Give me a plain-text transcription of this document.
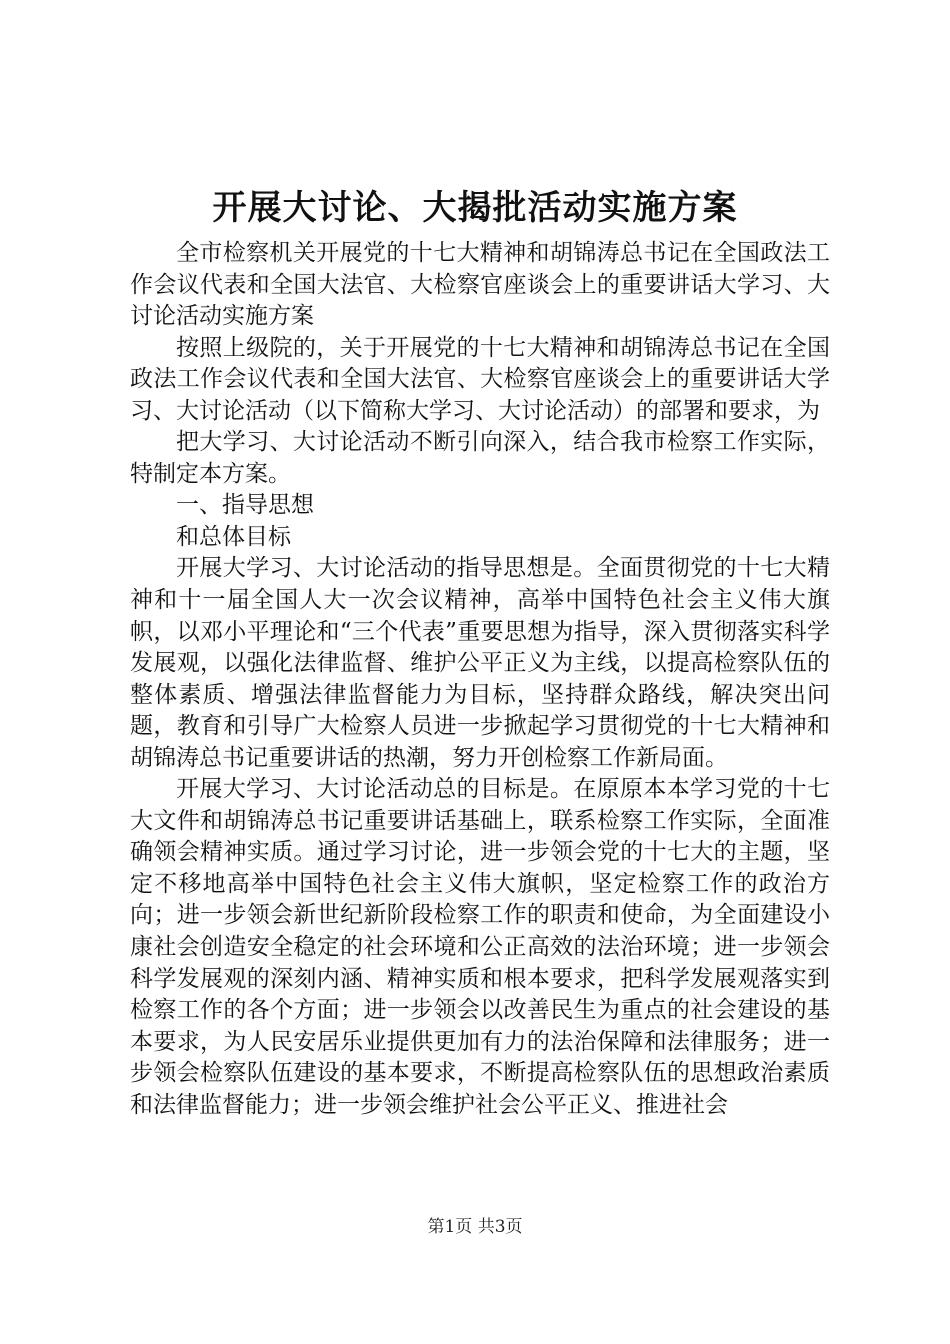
开展大讨论、大揭批活动实施方案

全市检察机关开展党的十七大精神和胡锦涛总书记在全国政法工作会议代表和全国大法官、大检察官座谈会上的重要讲话大学习、大讨论活动实施方案

按照上级院的，关于开展党的十七大精神和胡锦涛总书记在全国政法工作会议代表和全国大法官、大检察官座谈会上的重要讲话大学习、大讨论活动（以下简称大学习、大讨论活动）的部署和要求，为

把大学习、大讨论活动不断引向深入，结合我市检察工作实际，特制定本方案。

一、指导思想

和总体目标

开展大学习、大讨论活动的指导思想是。全面贯彻党的十七大精神和十一届全国人大一次会议精神，高举中国特色社会主义伟大旗帜，以邓小平理论和“三个代表”重要思想为指导，深入贯彻落实科学发展观，以强化法律监督、维护公平正义为主线，以提高检察队伍的整体素质、增强法律监督能力为目标，坚持群众路线，解决突出问题，教育和引导广大检察人员进一步掀起学习贯彻党的十七大精神和胡锦涛总书记重要讲话的热潮，努力开创检察工作新局面。

开展大学习、大讨论活动总的目标是。在原原本本学习党的十七大文件和胡锦涛总书记重要讲话基础上，联系检察工作实际，全面准确领会精神实质。通过学习讨论，进一步领会党的十七大的主题，坚定不移地高举中国特色社会主义伟大旗帜，坚定检察工作的政治方向；进一步领会新世纪新阶段检察工作的职责和使命，为全面建设小康社会创造安全稳定的社会环境和公正高效的法治环境；进一步领会科学发展观的深刻内涵、精神实质和根本要求，把科学发展观落实到检察工作的各个方面；进一步领会以改善民生为重点的社会建设的基本要求，为人民安居乐业提供更加有力的法治保障和法律服务；进一步领会检察队伍建设的基本要求，不断提高检察队伍的思想政治素质和法律监督能力；进一步领会维护社会公平正义、推进社会

第1页 共3页
